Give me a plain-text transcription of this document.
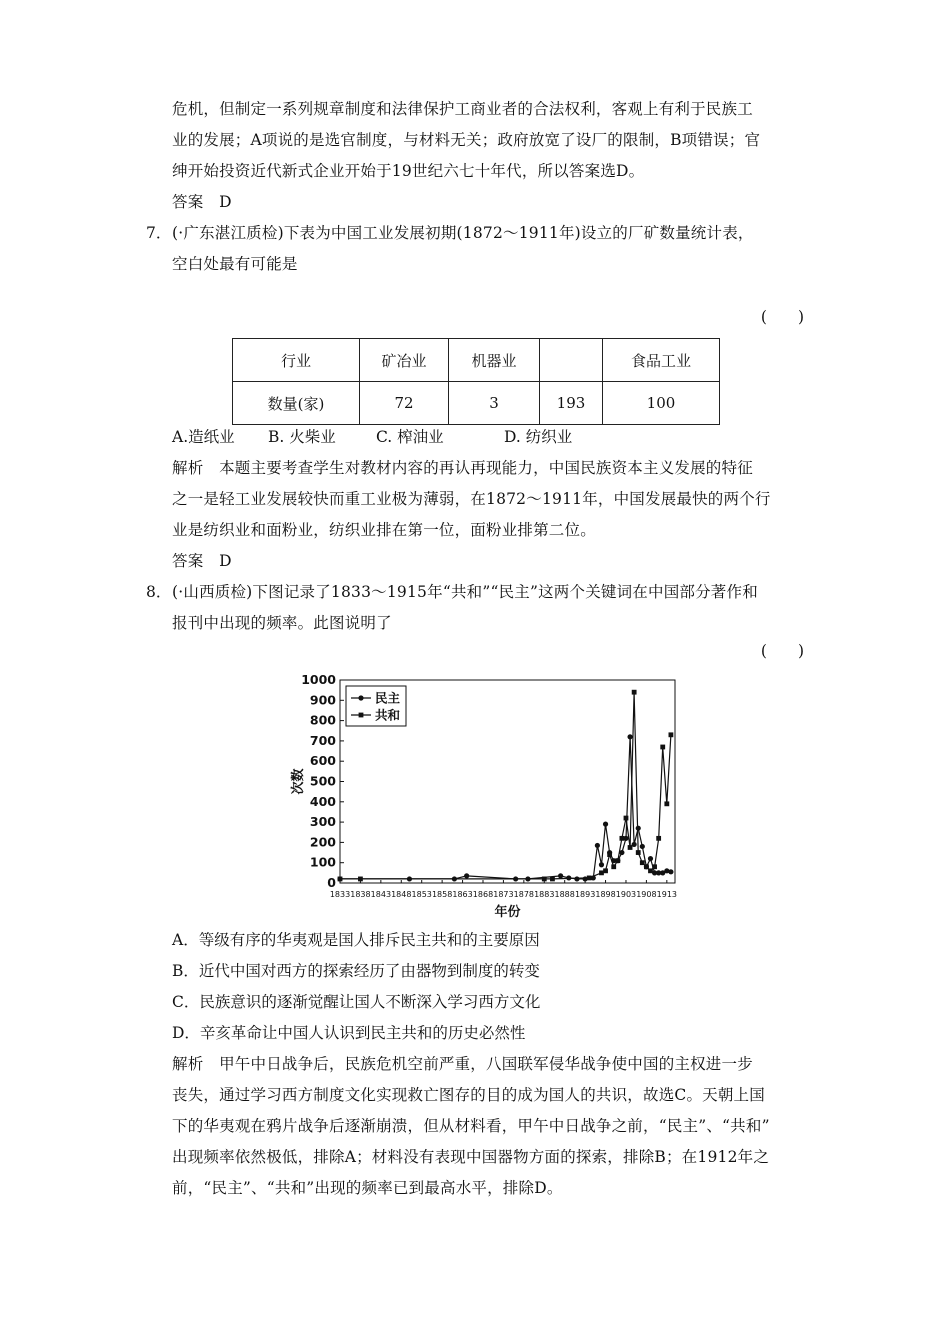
危机，但制定一系列规章制度和法律保护工商业者的合法权利，客观上有利于民族工
业的发展；A项说的是选官制度，与材料无关；政府放宽了设厂的限制，B项错误；官
绅开始投资近代新式企业开始于19世纪六七十年代，所以答案选D。
答案　D
7． (·广东湛江质检)下表为中国工业发展初期(1872～1911年)设立的厂矿数量统计表，
空白处最有可能是
(　　)
行业	矿冶业	机器业		食品工业
数量(家)	72	3	193	100
A.造纸业 B. 火柴业	C. 榨油业	D. 纺织业
解析　本题主要考查学生对教材内容的再认再现能力，中国民族资本主义发展的特征
之一是轻工业发展较快而重工业极为薄弱，在1872～1911年，中国发展最快的两个行
业是纺织业和面粉业，纺织业排在第一位，面粉业排第二位。
答案　D
8． (·山西质检)下图记录了1833～1915年“共和”“民主”这两个关键词在中国部分著作和
报刊中出现的频率。此图说明了
(　　)
0
100
200
300
400
500
600
700
800
900
1000
1833 1838 1843 1848 1853 1858 1863 1868 1873 1878 1883 1888 1893 1898 1903 1908 1913
年份
次数
民主
共和
A．等级有序的华夷观是国人排斥民主共和的主要原因
B．近代中国对西方的探索经历了由器物到制度的转变
C．民族意识的逐渐觉醒让国人不断深入学习西方文化
D．辛亥革命让中国人认识到民主共和的历史必然性
解析　甲午中日战争后，民族危机空前严重，八国联军侵华战争使中国的主权进一步
丧失，通过学习西方制度文化实现救亡图存的目的成为国人的共识，故选C。天朝上国
下的华夷观在鸦片战争后逐渐崩溃，但从材料看，甲午中日战争之前，“民主”、“共和”
出现频率依然极低，排除A；材料没有表现中国器物方面的探索，排除B；在1912年之
前，“民主”、“共和”出现的频率已到最高水平，排除D。
